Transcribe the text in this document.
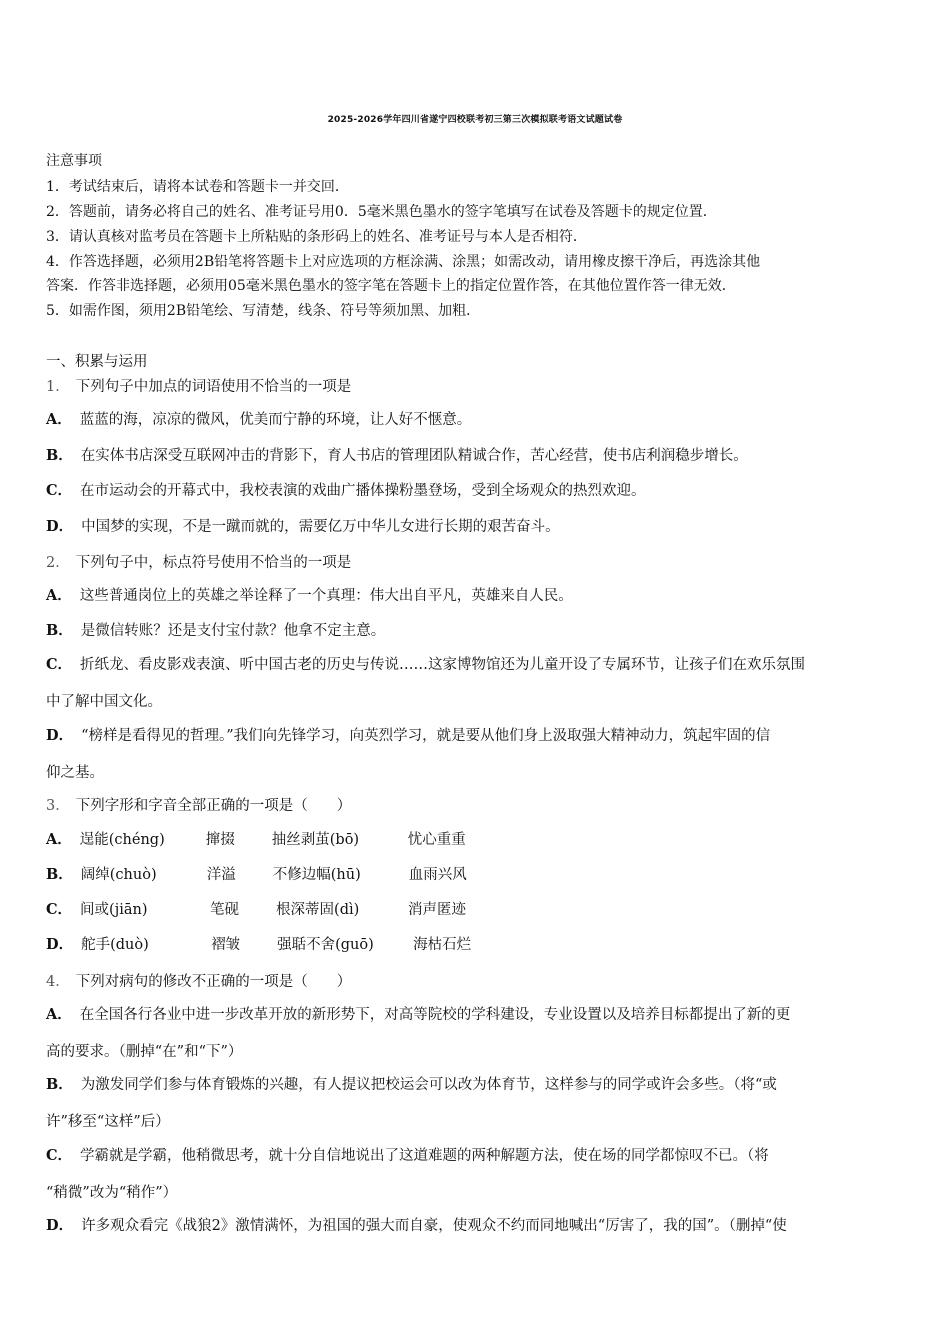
2025-2026学年四川省遂宁四校联考初三第三次模拟联考语文试题试卷
注意事项
1．考试结束后，请将本试卷和答题卡一并交回．
2．答题前，请务必将自己的姓名、准考证号用0．5毫米黑色墨水的签字笔填写在试卷及答题卡的规定位置．
3．请认真核对监考员在答题卡上所粘贴的条形码上的姓名、准考证号与本人是否相符．
4．作答选择题，必须用2B铅笔将答题卡上对应选项的方框涂满、涂黑；如需改动，请用橡皮擦干净后，再选涂其他
答案．作答非选择题，必须用05毫米黑色墨水的签字笔在答题卡上的指定位置作答，在其他位置作答一律无效．
5．如需作图，须用2B铅笔绘、写清楚，线条、符号等须加黑、加粗．
一、积累与运用
1． 下列句子中加点的词语使用不恰当的一项是
A． 蓝蓝的海，凉凉的微风，优美而宁静的环境，让人好不惬意。
B． 在实体书店深受互联网冲击的背影下，育人书店的管理团队精诚合作，苦心经营，使书店利润稳步增长。
C． 在市运动会的开幕式中，我校表演的戏曲广播体操粉墨登场，受到全场观众的热烈欢迎。
D． 中国梦的实现，不是一蹴而就的，需要亿万中华儿女进行长期的艰苦奋斗。
2． 下列句子中，标点符号使用不恰当的一项是
A． 这些普通岗位上的英雄之举诠释了一个真理：伟大出自平凡，英雄来自人民。
B． 是微信转账？还是支付宝付款？他拿不定主意。
C． 折纸龙、看皮影戏表演、听中国古老的历史与传说……这家博物馆还为儿童开设了专属环节，让孩子们在欢乐氛围
中了解中国文化。
D． “榜样是看得见的哲理。”我们向先锋学习，向英烈学习，就是要从他们身上汲取强大精神动力，筑起牢固的信
仰之基。
3． 下列字形和字音全部正确的一项是（　　）
A． 逞能(chéng)	撺掇	抽丝剥茧(bō)	忧心重重
B． 阔绰(chuò)	洋溢	不修边幅(hū)	血雨兴风
C． 间或(jiān)	笔砚	根深蒂固(dì)	消声匿迹
D． 舵手(duò)	褶皱	强聒不舍(guō)	海枯石烂
4． 下列对病句的修改不正确的一项是（　　）
A． 在全国各行各业中进一步改革开放的新形势下，对高等院校的学科建设，专业设置以及培养目标都提出了新的更
高的要求。（删掉“在”和“下”）
B． 为激发同学们参与体育锻炼的兴趣，有人提议把校运会可以改为体育节，这样参与的同学或许会多些。（将“或
许”移至“这样”后）
C． 学霸就是学霸，他稍微思考，就十分自信地说出了这道难题的两种解题方法，使在场的同学都惊叹不已。（将
“稍微”改为“稍作”）
D． 许多观众看完《战狼2》激情满怀，为祖国的强大而自豪，使观众不约而同地喊出“厉害了，我的国”。（删掉“使
